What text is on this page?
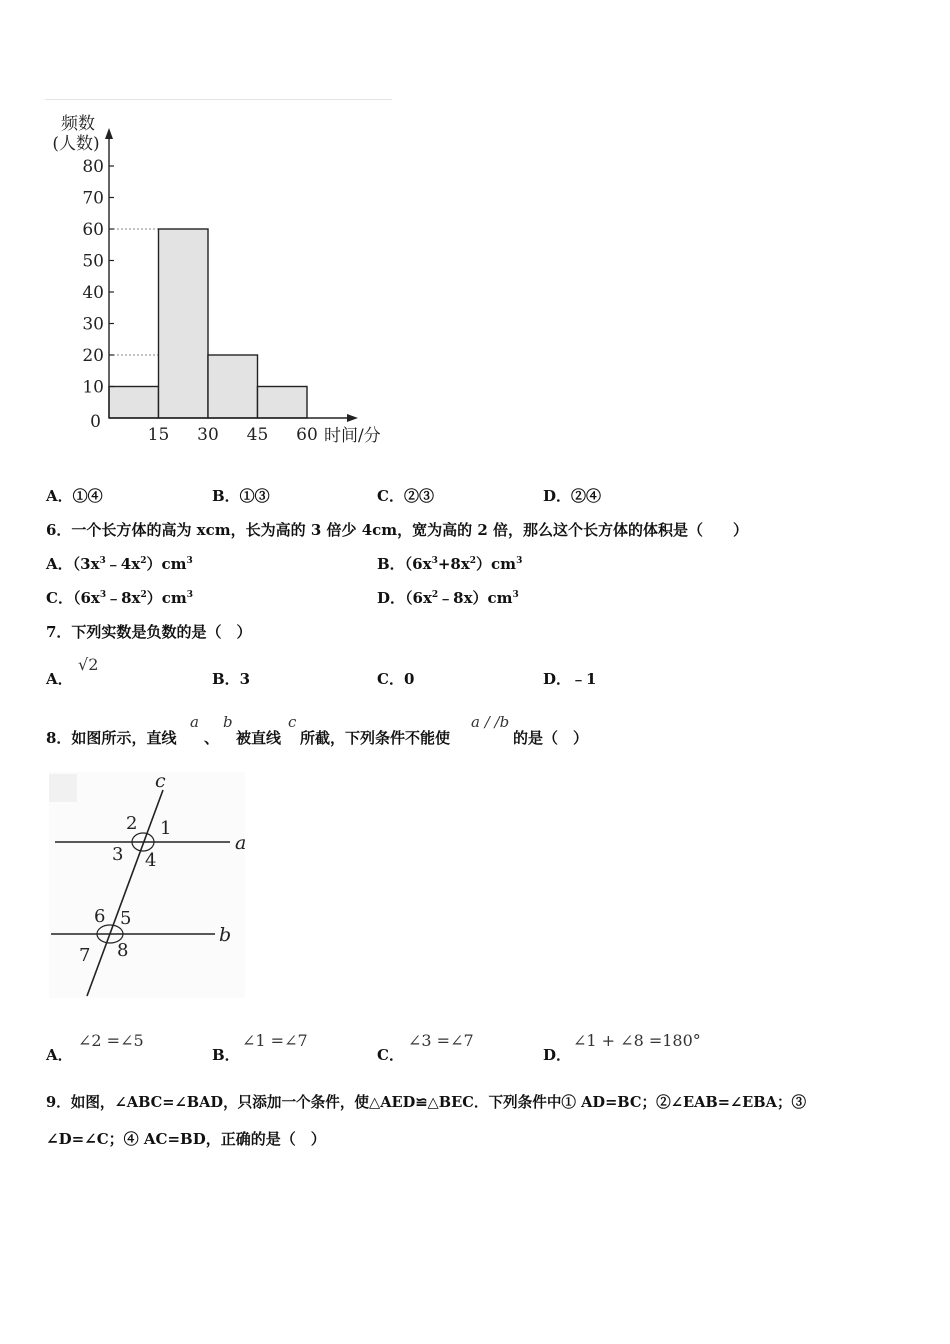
0
10
20
30
40
50
60
70
80
15 30 45 60
频数
(人数)
时间/分
A．①④	B．①③	C．②③	D．②④
6．一个长方体的高为 xcm，长为高的 3 倍少 4cm，宽为高的 2 倍，那么这个长方体的体积是（　　）
A．$(3x^3﹣4x^2)cm^3$	B．$(6x^3+8x^2)cm^3$
C．$(6x^3﹣8x^2)cm^3$	D．$(6x^2﹣8x)cm^3$
7．下列实数是负数的是（　）
A．
√2
B．3	C．0	D．﹣1
8．如图所示，直线
a
、
b
被直线
c
所截，下列条件不能使
a / /b
的是（　）
c
a
b
2 1
3 4
6 5
7 8
A．
∠2 =∠5
B．
∠1 =∠7
C．
∠3 =∠7
D．
∠1 + ∠8 =180°
9．如图，∠ABC=∠BAD，只添加一个条件，使△AED≌△BEC．下列条件中① AD=BC；②∠EAB=∠EBA；③
∠D=∠C；④ AC=BD，正确的是（　）
